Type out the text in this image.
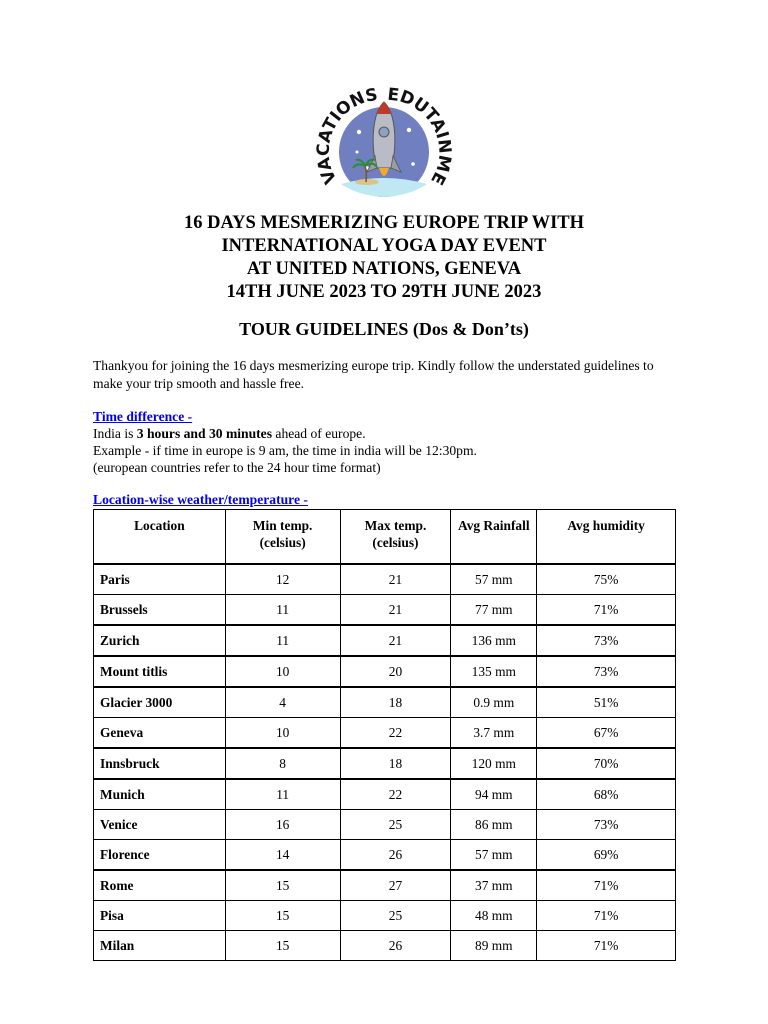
VACATIONS EDUTAINME
16 DAYS MESMERIZING EUROPE TRIP WITH
INTERNATIONAL YOGA DAY EVENT
AT UNITED NATIONS, GENEVA
14TH JUNE 2023 TO 29TH JUNE 2023
TOUR GUIDELINES (Dos & Don’ts)
Thankyou for joining the 16 days mesmerizing europe trip. Kindly follow the understated guidelines to make your trip smooth and hassle free.
Time difference -
India is 3 hours and 30 minutes ahead of europe.
Example - if time in europe is 9 am, the time in india will be 12:30pm.
(european countries refer to the 24 hour time format)
Location-wise weather/temperature -
Location	Min temp. (celsius)	Max temp. (celsius)	Avg Rainfall	Avg humidity
Paris	12	21	57 mm	75%
Brussels	11	21	77 mm	71%
Zurich	11	21	136 mm	73%
Mount titlis	10	20	135 mm	73%
Glacier 3000	4	18	0.9 mm	51%
Geneva	10	22	3.7 mm	67%
Innsbruck	8	18	120 mm	70%
Munich	11	22	94 mm	68%
Venice	16	25	86 mm	73%
Florence	14	26	57 mm	69%
Rome	15	27	37 mm	71%
Pisa	15	25	48 mm	71%
Milan	15	26	89 mm	71%
